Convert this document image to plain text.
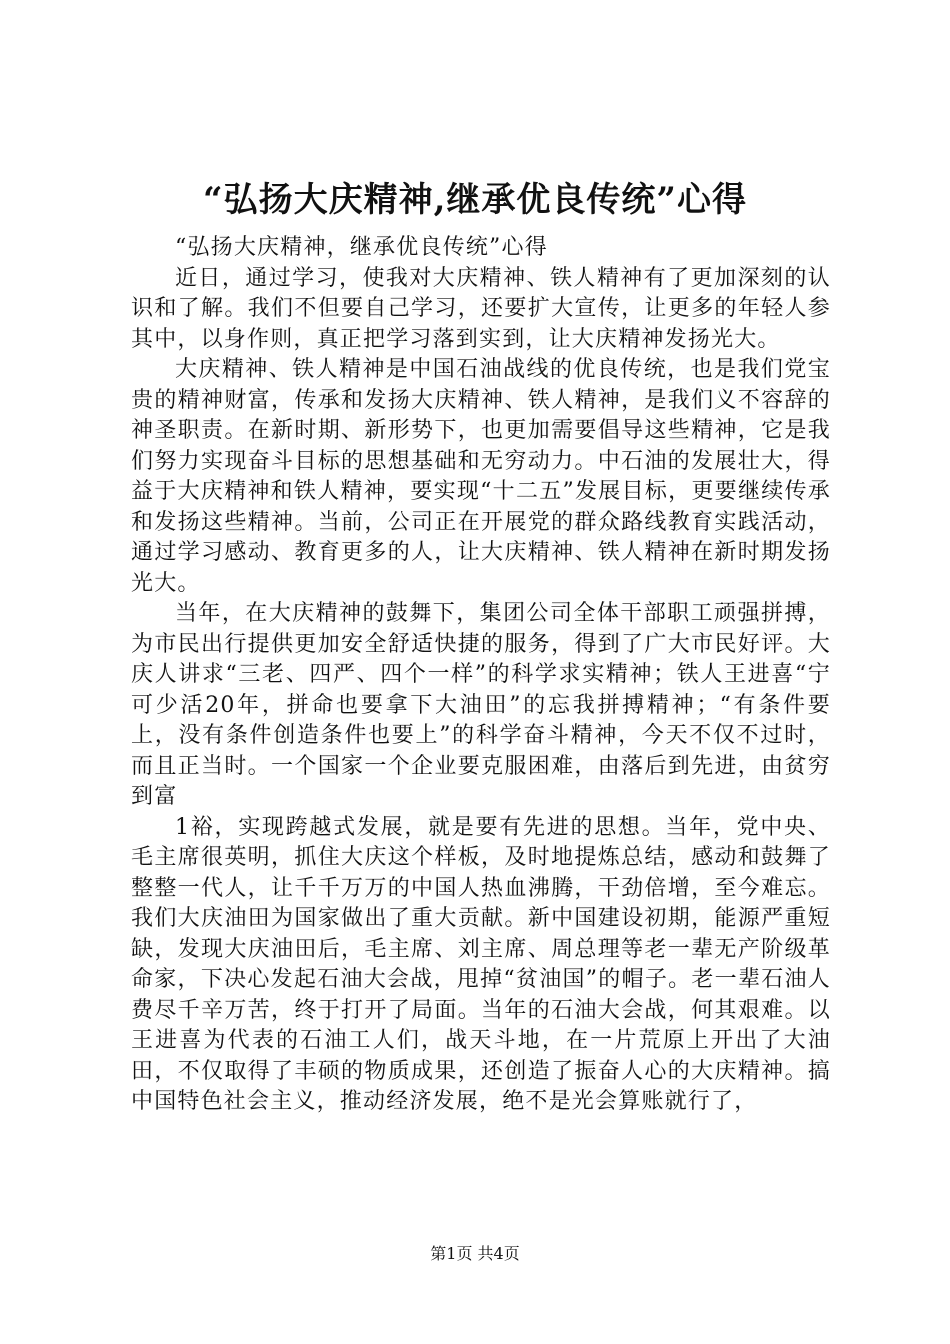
“弘扬大庆精神,继承优良传统”心得

“弘扬大庆精神，继承优良传统”心得

近日，通过学习，使我对大庆精神、铁人精神有了更加深刻的认识和了解。我们不但要自己学习，还要扩大宣传，让更多的年轻人参其中，以身作则，真正把学习落到实到，让大庆精神发扬光大。

大庆精神、铁人精神是中国石油战线的优良传统，也是我们党宝贵的精神财富，传承和发扬大庆精神、铁人精神，是我们义不容辞的神圣职责。在新时期、新形势下，也更加需要倡导这些精神，它是我们努力实现奋斗目标的思想基础和无穷动力。中石油的发展壮大，得益于大庆精神和铁人精神，要实现“十二五”发展目标，更要继续传承和发扬这些精神。当前，公司正在开展党的群众路线教育实践活动，通过学习感动、教育更多的人，让大庆精神、铁人精神在新时期发扬光大。

当年，在大庆精神的鼓舞下，集团公司全体干部职工顽强拼搏，为市民出行提供更加安全舒适快捷的服务，得到了广大市民好评。大庆人讲求“三老、四严、四个一样”的科学求实精神；铁人王进喜“宁可少活20年，拼命也要拿下大油田”的忘我拼搏精神；“有条件要上，没有条件创造条件也要上”的科学奋斗精神，今天不仅不过时，而且正当时。一个国家一个企业要克服困难，由落后到先进，由贫穷到富

1裕，实现跨越式发展，就是要有先进的思想。当年，党中央、毛主席很英明，抓住大庆这个样板，及时地提炼总结，感动和鼓舞了整整一代人，让千千万万的中国人热血沸腾，干劲倍增，至今难忘。我们大庆油田为国家做出了重大贡献。新中国建设初期，能源严重短缺，发现大庆油田后，毛主席、刘主席、周总理等老一辈无产阶级革命家，下决心发起石油大会战，甩掉“贫油国”的帽子。老一辈石油人费尽千辛万苦，终于打开了局面。当年的石油大会战，何其艰难。以王进喜为代表的石油工人们，战天斗地，在一片荒原上开出了大油田，不仅取得了丰硕的物质成果，还创造了振奋人心的大庆精神。搞中国特色社会主义，推动经济发展，绝不是光会算账就行了，

第1页 共4页
